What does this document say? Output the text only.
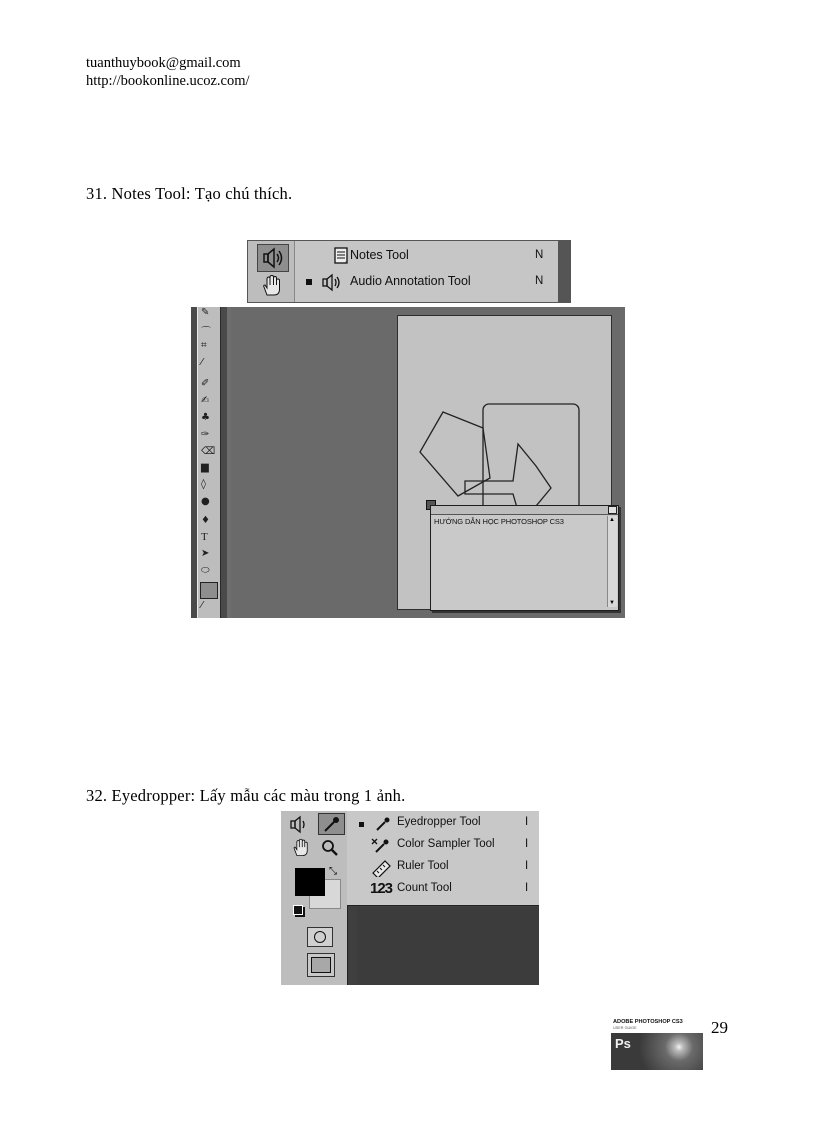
tuanthuybook@gmail.com
http://bookonline.ucoz.com/
31. Notes Tool: Tạo chú thích.
Notes Tool	N
Audio Annotation Tool	N
✎
⌒
⌗
⁄
✐
✍
♣
✑
⌫
▆
◊
●
♦
T
➤
⬭
⁄
HƯỚNG DẪN HỌC PHOTOSHOP CS3	▲
▼
32. Eyedropper: Lấy mẫu các màu trong 1 ảnh.
⤡
Eyedropper Tool	I
Color Sampler Tool	I
Ruler Tool	I
123 Count Tool	I
ADOBE PHOTOSHOP CS3
USER GUIDE
Ps
29
